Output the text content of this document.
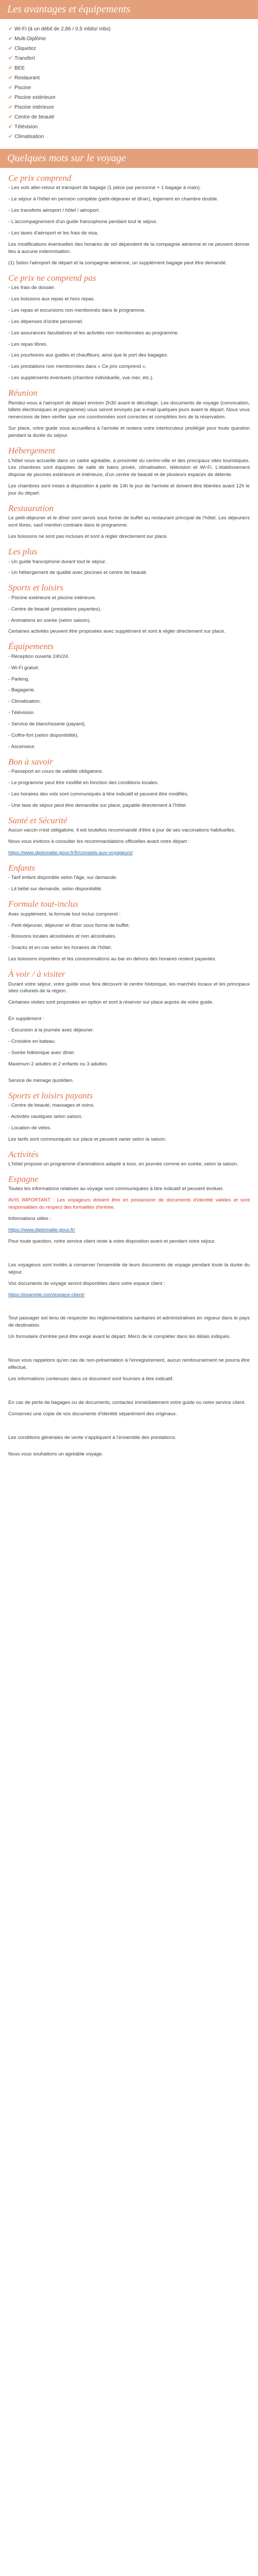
Les avantages et équipements
✔ Wi-Fi (à un débit de 2,86 / 0,5 mbits/ mbs)
✔ Multi-Diplôme
✔ Cliquetez
✔ Transfert
✔ BEE
✔ Restaurant
✔ Piscine
✔ Piscine extérieure
✔ Piscine intérieure
✔ Centre de beauté
✔ Télévision
✔ Climatisation
Quelques mots sur le voyage
Ce prix comprend

- Les vols aller-retour et transport de bagage (1 pièce par personne + 1 bagage à main).

- Le séjour à l'hôtel en pension complète (petit-déjeuner et dîner), logement en chambre double.

- Les transferts aéroport / hôtel / aéroport.

- L'accompagnement d'un guide francophone pendant tout le séjour.

- Les taxes d'aéroport et les frais de visa.

Les modifications éventuelles des horaires de vol dépendent de la compagnie aérienne et ne peuvent donner lieu à aucune indemnisation.

(1) Selon l'aéroport de départ et la compagnie aérienne, un supplément bagage peut être demandé.

Ce prix ne comprend pas

- Les frais de dossier.

- Les boissons aux repas et hors repas.

- Les repas et excursions non mentionnés dans le programme.

- Les dépenses d'ordre personnel.

- Les assurances facultatives et les activités non mentionnées au programme.

- Les repas libres.

- Les pourboires aux guides et chauffeurs, ainsi que le port des bagages.

- Les prestations non mentionnées dans « Ce prix comprend ».

- Les suppléments éventuels (chambre individuelle, vue mer, etc.).

Réunion

Rendez-vous à l'aéroport de départ environ 2h30 avant le décollage. Les documents de voyage (convocation, billets électroniques et programme) vous seront envoyés par e-mail quelques jours avant le départ. Nous vous remercions de bien vérifier que vos coordonnées sont correctes et complètes lors de la réservation.

Sur place, votre guide vous accueillera à l'arrivée et restera votre interlocuteur privilégié pour toute question pendant la durée du séjour.

Hébergement

L'hôtel vous accueille dans un cadre agréable, à proximité du centre-ville et des principaux sites touristiques. Les chambres sont équipées de salle de bains privée, climatisation, télévision et Wi-Fi. L'établissement dispose de piscines extérieure et intérieure, d'un centre de beauté et de plusieurs espaces de détente.

Les chambres sont mises à disposition à partir de 14h le jour de l'arrivée et doivent être libérées avant 12h le jour du départ.

Restauration

Le petit-déjeuner et le dîner sont servis sous forme de buffet au restaurant principal de l'hôtel. Les déjeuners sont libres, sauf mention contraire dans le programme.

Les boissons ne sont pas incluses et sont à régler directement sur place.

Les plus

- Un guide francophone durant tout le séjour.

- Un hébergement de qualité avec piscines et centre de beauté.

Sports et loisirs

- Piscine extérieure et piscine intérieure.

- Centre de beauté (prestations payantes).

- Animations en soirée (selon saison).

Certaines activités peuvent être proposées avec supplément et sont à régler directement sur place.

Équipements

- Réception ouverte 24h/24.

- Wi-Fi gratuit.

- Parking.

- Bagagerie.

- Climatisation.

- Télévision.

- Service de blanchisserie (payant).

- Coffre-fort (selon disponibilité).

- Ascenseur.

Bon à savoir

- Passeport en cours de validité obligatoire.

- Le programme peut être modifié en fonction des conditions locales.

- Les horaires des vols sont communiqués à titre indicatif et peuvent être modifiés.

- Une taxe de séjour peut être demandée sur place, payable directement à l'hôtel.

Santé et Sécurité

Aucun vaccin n'est obligatoire. Il est toutefois recommandé d'être à jour de ses vaccinations habituelles.

Nous vous invitons à consulter les recommandations officielles avant votre départ :

https://www.diplomatie.gouv.fr/fr/conseils-aux-voyageurs/

Enfants

- Tarif enfant disponible selon l'âge, sur demande.

- Lit bébé sur demande, selon disponibilité.

Formule tout-inclus

Avec supplément, la formule tout inclus comprend :

- Petit-déjeuner, déjeuner et dîner sous forme de buffet.

- Boissons locales alcoolisées et non alcoolisées.

- Snacks et en-cas selon les horaires de l'hôtel.

Les boissons importées et les consommations au bar en dehors des horaires restent payantes.

À voir / à visiter

Durant votre séjour, votre guide vous fera découvrir le centre historique, les marchés locaux et les principaux sites culturels de la région.

Certaines visites sont proposées en option et sont à réserver sur place auprès de votre guide.

En supplément :

- Excursion à la journée avec déjeuner.

- Croisière en bateau.

- Soirée folklorique avec dîner.

Maximum 2 adultes et 2 enfants ou 3 adultes.

Service de ménage quotidien.

Sports et loisirs payants

- Centre de beauté, massages et soins.

- Activités nautiques selon saison.

- Location de vélos.

Les tarifs sont communiqués sur place et peuvent varier selon la saison.

Activités

L'hôtel propose un programme d'animations adapté à tous, en journée comme en soirée, selon la saison.

Espagne

Toutes les informations relatives au voyage sont communiquées à titre indicatif et peuvent évoluer.

AVIS IMPORTANT : Les voyageurs doivent être en possession de documents d'identité valides et sont responsables du respect des formalités d'entrée.

Informations utiles :

https://www.diplomatie.gouv.fr/

Pour toute question, notre service client reste à votre disposition avant et pendant votre séjour.

Les voyageurs sont invités à conserver l'ensemble de leurs documents de voyage pendant toute la durée du séjour.

Vos documents de voyage seront disponibles dans votre espace client :

https://example.com/espace-client/

Tout passager est tenu de respecter les réglementations sanitaires et administratives en vigueur dans le pays de destination.

Un formulaire d'entrée peut être exigé avant le départ. Merci de le compléter dans les délais indiqués.

Nous vous rappelons qu'en cas de non-présentation à l'enregistrement, aucun remboursement ne pourra être effectué.

Les informations contenues dans ce document sont fournies à titre indicatif.

En cas de perte de bagages ou de documents, contactez immédiatement votre guide ou notre service client.

Conservez une copie de vos documents d'identité séparément des originaux.

Les conditions générales de vente s'appliquent à l'ensemble des prestations.

Nous vous souhaitons un agréable voyage.
